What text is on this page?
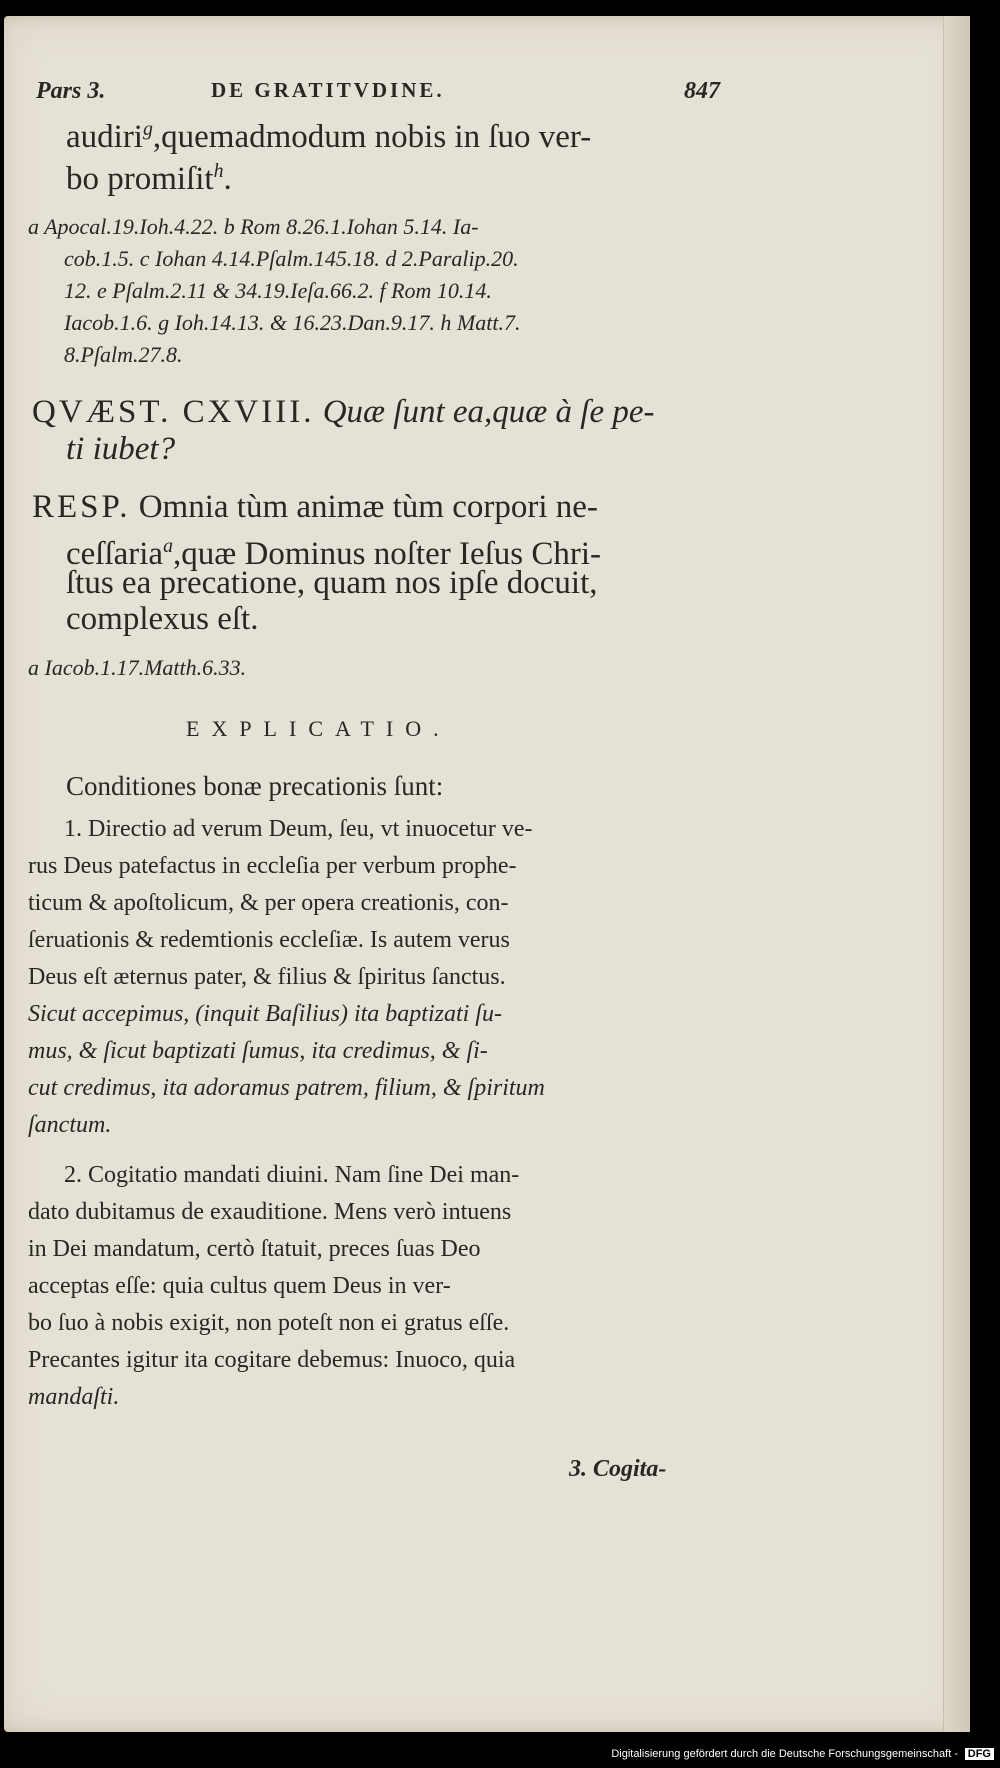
Pars 3.	DE GRATITVDINE.	847
audiri$^g$,quemadmodum nobis in ſuo ver-
bo promiſit$^h$.
a Apocal.19.Ioh.4.22. b Rom 8.26.1.Iohan 5.14. Ia-
cob.1.5. c Iohan 4.14.Pſalm.145.18. d 2.Paralip.20.
12. e Pſalm.2.11 & 34.19.Ieſa.66.2. f Rom 10.14.
Iacob.1.6. g Ioh.14.13. & 16.23.Dan.9.17. h Matt.7.
8.Pſalm.27.8.
QVÆST. CXVIII. Quæ ſunt ea,quæ à ſe pe-
ti iubet?
RESP. Omnia tùm animæ tùm corpori ne-
ceſſaria$^a$,quæ Dominus noſter Ieſus Chri-
ſtus ea precatione, quam nos ipſe docuit,
complexus eſt.
a Iacob.1.17.Matth.6.33.
EXPLICATIO.
Conditiones bonæ precationis ſunt:
1. Directio ad verum Deum, ſeu, vt inuocetur ve-
rus Deus patefactus in eccleſia per verbum prophe-
ticum & apoſtolicum, & per opera creationis, con-
ſeruationis & redemtionis eccleſiæ. Is autem verus
Deus eſt æternus pater, & filius & ſpiritus ſanctus.
Sicut accepimus, (inquit Baſilius) ita baptizati ſu-
mus, & ſicut baptizati ſumus, ita credimus, & ſi-
cut credimus, ita adoramus patrem, filium, & ſpiritum
ſanctum.
2. Cogitatio mandati diuini. Nam ſine Dei man-
dato dubitamus de exauditione. Mens verò intuens
in Dei mandatum, certò ſtatuit, preces ſuas Deo
acceptas eſſe: quia cultus quem Deus in ver-
bo ſuo à nobis exigit, non poteſt non ei gratus eſſe.
Precantes igitur ita cogitare debemus: Inuoco, quia
mandaſti.
3. Cogita-
Digitalisierung gefördert durch die Deutsche Forschungsgemeinschaft - DFG
